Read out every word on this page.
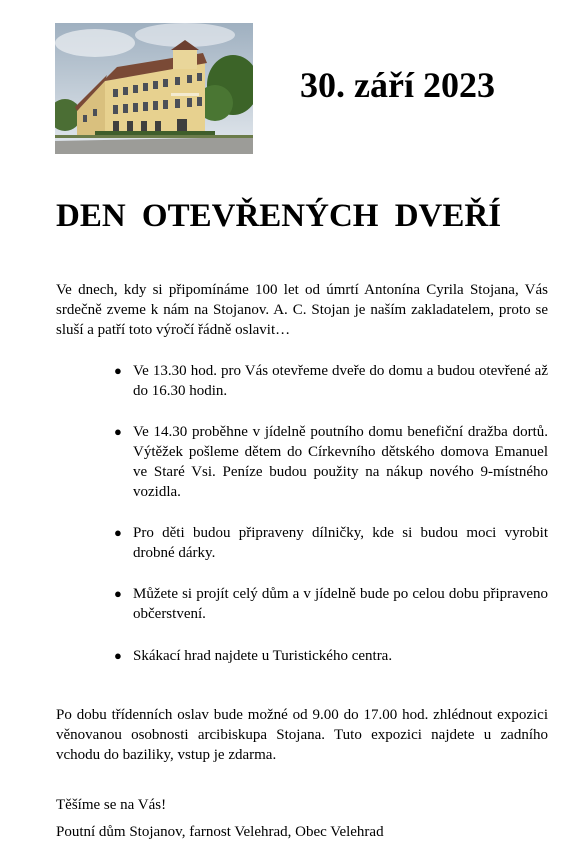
30. září 2023
DEN OTEVŘENÝCH DVEŘÍ

Ve dnech, kdy si připomínáme 100 let od úmrtí Antonína Cyrila Stojana, Vás srdečně zveme k nám na Stojanov. A. C. Stojan je naším zakladatelem, proto se sluší a patří toto výročí řádně oslavit…

● Ve 13.30 hod. pro Vás otevřeme dveře do domu a budou otevřené až do 16.30 hodin.
● Ve 14.30 proběhne v jídelně poutního domu benefiční dražba dortů. Výtěžek pošleme dětem do Církevního dětského domova Emanuel ve Staré Vsi. Peníze budou použity na nákup nového 9-místného vozidla.
● Pro děti budou připraveny dílničky, kde si budou moci vyrobit drobné dárky.
● Můžete si projít celý dům a v jídelně bude po celou dobu připraveno občerstvení.
● Skákací hrad najdete u Turistického centra.

Po dobu třídenních oslav bude možné od 9.00 do 17.00 hod. zhlédnout expozici věnovanou osobnosti arcibiskupa Stojana. Tuto expozici najdete u zadního vchodu do baziliky, vstup je zdarma.

Těšíme se na Vás!
Poutní dům Stojanov, farnost Velehrad, Obec Velehrad
